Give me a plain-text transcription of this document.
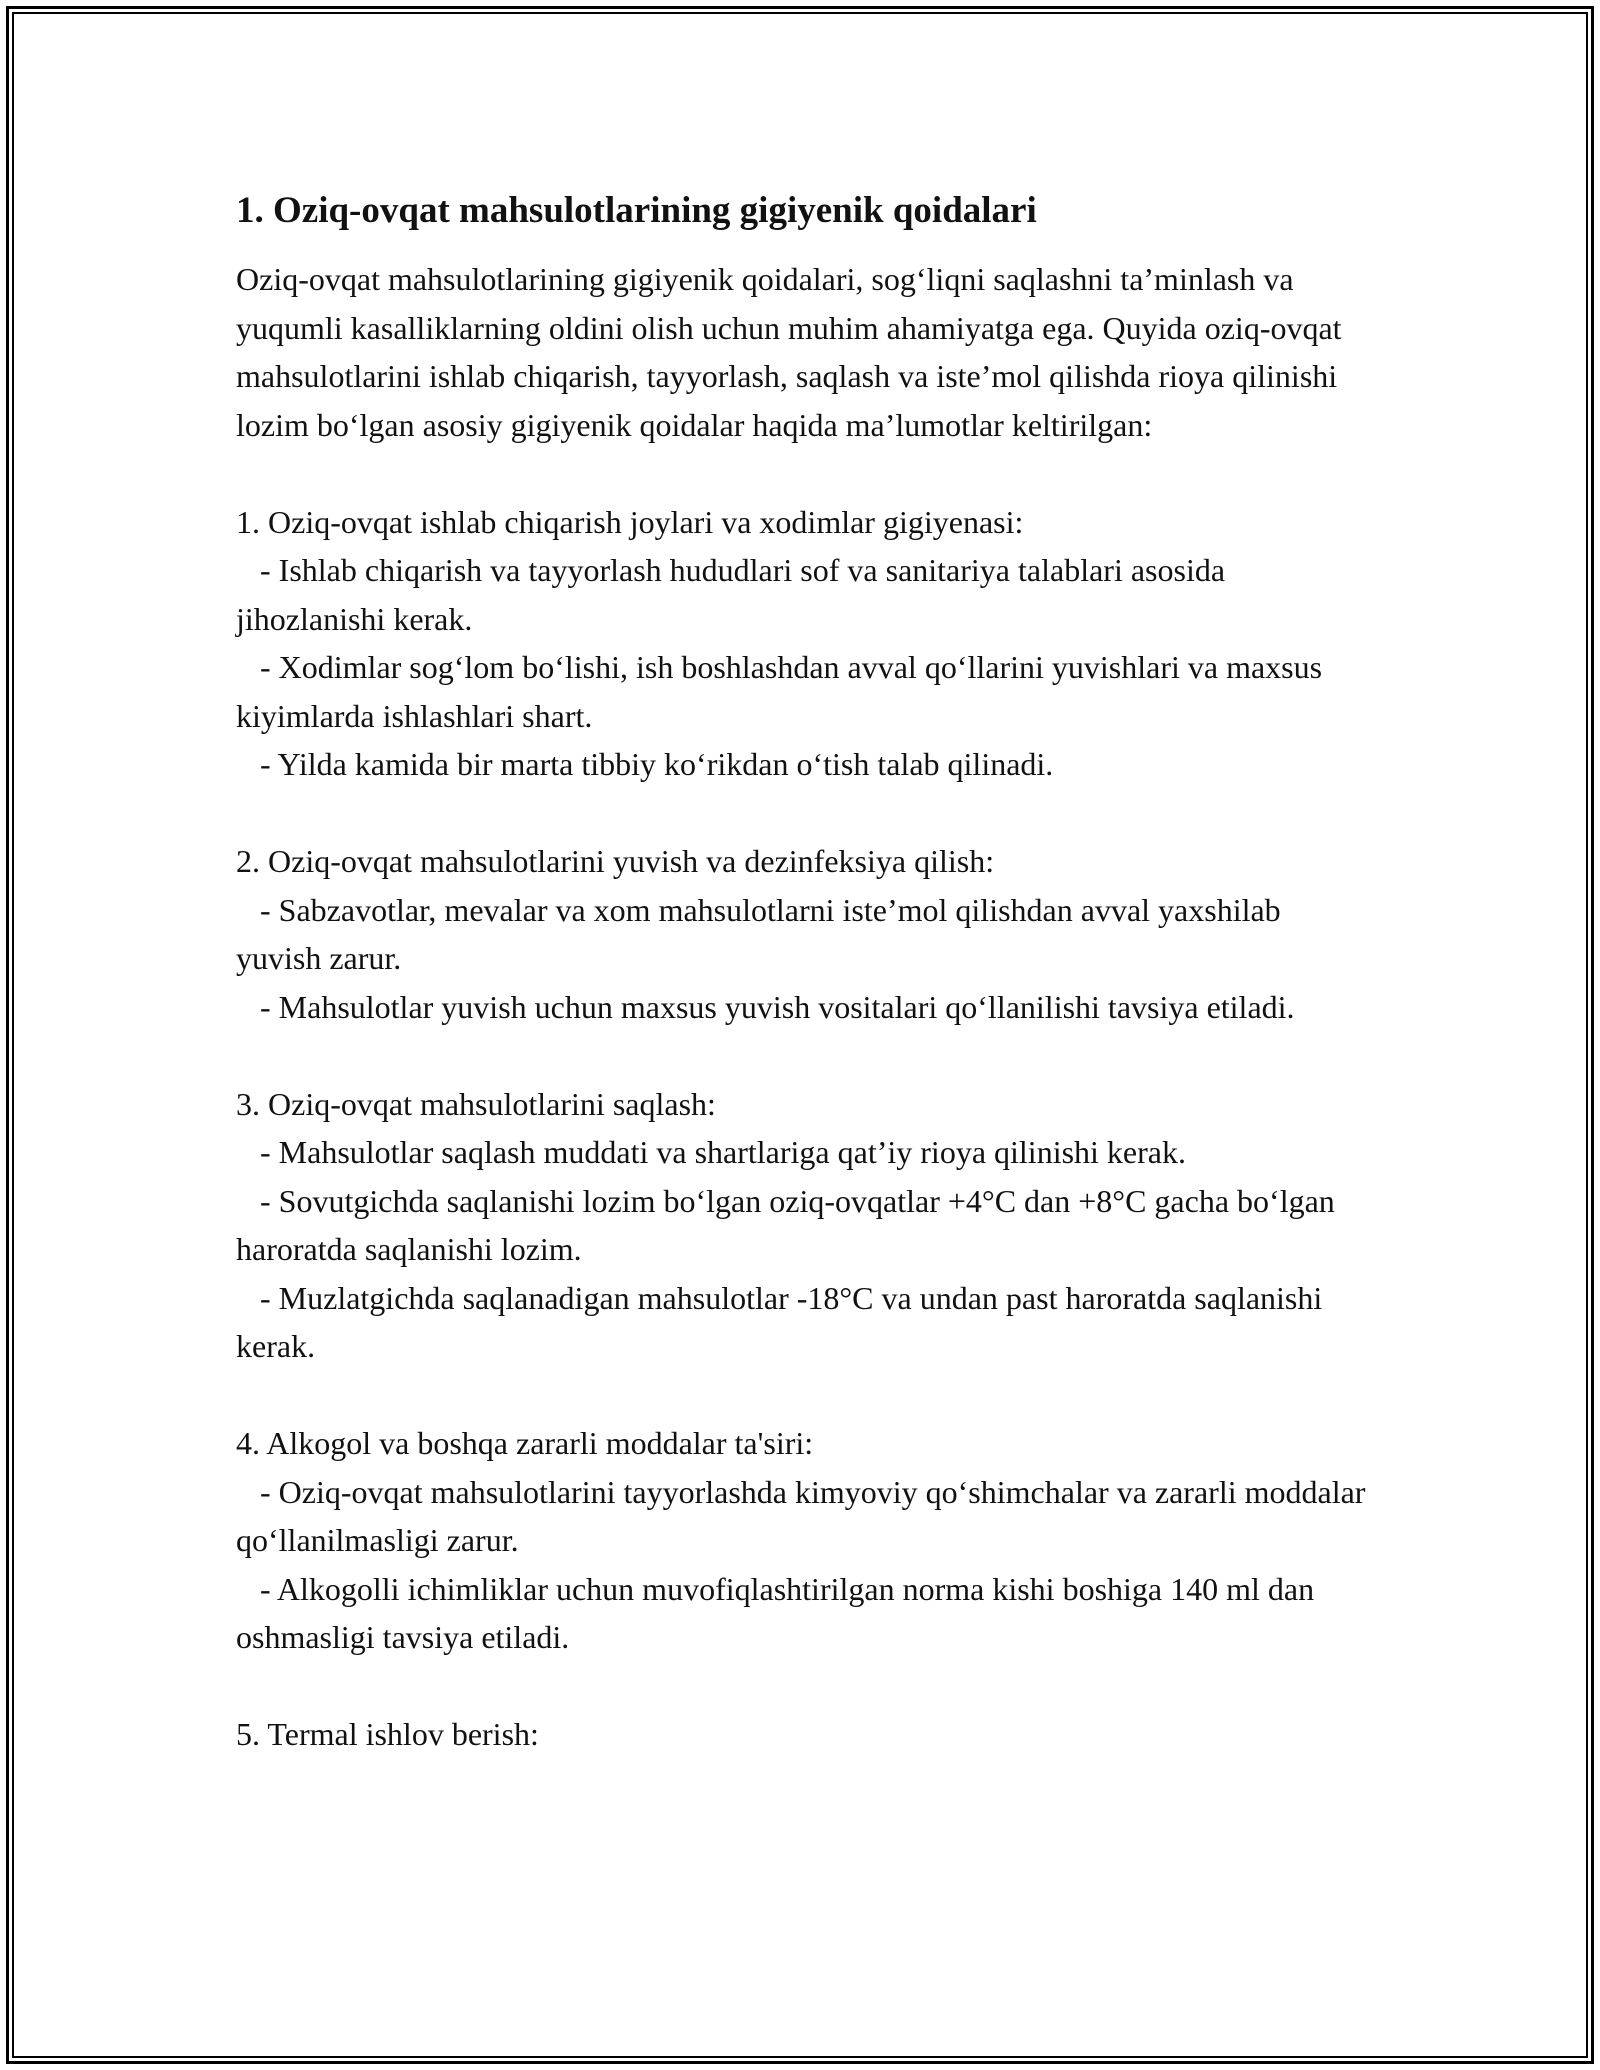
1. Oziq-ovqat mahsulotlarining gigiyenik qoidalari

Oziq-ovqat mahsulotlarining gigiyenik qoidalari, sog‘liqni saqlashni ta’minlash va yuqumli kasalliklarning oldini olish uchun muhim ahamiyatga ega. Quyida oziq-ovqat mahsulotlarini ishlab chiqarish, tayyorlash, saqlash va iste’mol qilishda rioya qilinishi lozim bo‘lgan asosiy gigiyenik qoidalar haqida ma’lumotlar keltirilgan:

1. Oziq-ovqat ishlab chiqarish joylari va xodimlar gigiyenasi:

- Ishlab chiqarish va tayyorlash hududlari sof va sanitariya talablari asosida jihozlanishi kerak.

- Xodimlar sog‘lom bo‘lishi, ish boshlashdan avval qo‘llarini yuvishlari va maxsus kiyimlarda ishlashlari shart.

- Yilda kamida bir marta tibbiy ko‘rikdan o‘tish talab qilinadi.

2. Oziq-ovqat mahsulotlarini yuvish va dezinfeksiya qilish:

- Sabzavotlar, mevalar va xom mahsulotlarni iste’mol qilishdan avval yaxshilab yuvish zarur.

- Mahsulotlar yuvish uchun maxsus yuvish vositalari qo‘llanilishi tavsiya etiladi.

3. Oziq-ovqat mahsulotlarini saqlash:

- Mahsulotlar saqlash muddati va shartlariga qat’iy rioya qilinishi kerak.

- Sovutgichda saqlanishi lozim bo‘lgan oziq-ovqatlar +4°C dan +8°C gacha bo‘lgan haroratda saqlanishi lozim.

- Muzlatgichda saqlanadigan mahsulotlar -18°C va undan past haroratda saqlanishi kerak.

4. Alkogol va boshqa zararli moddalar ta'siri:

- Oziq-ovqat mahsulotlarini tayyorlashda kimyoviy qo‘shimchalar va zararli moddalar qo‘llanilmasligi zarur.

- Alkogolli ichimliklar uchun muvofiqlashtirilgan norma kishi boshiga 140 ml dan oshmasligi tavsiya etiladi.

5. Termal ishlov berish:
